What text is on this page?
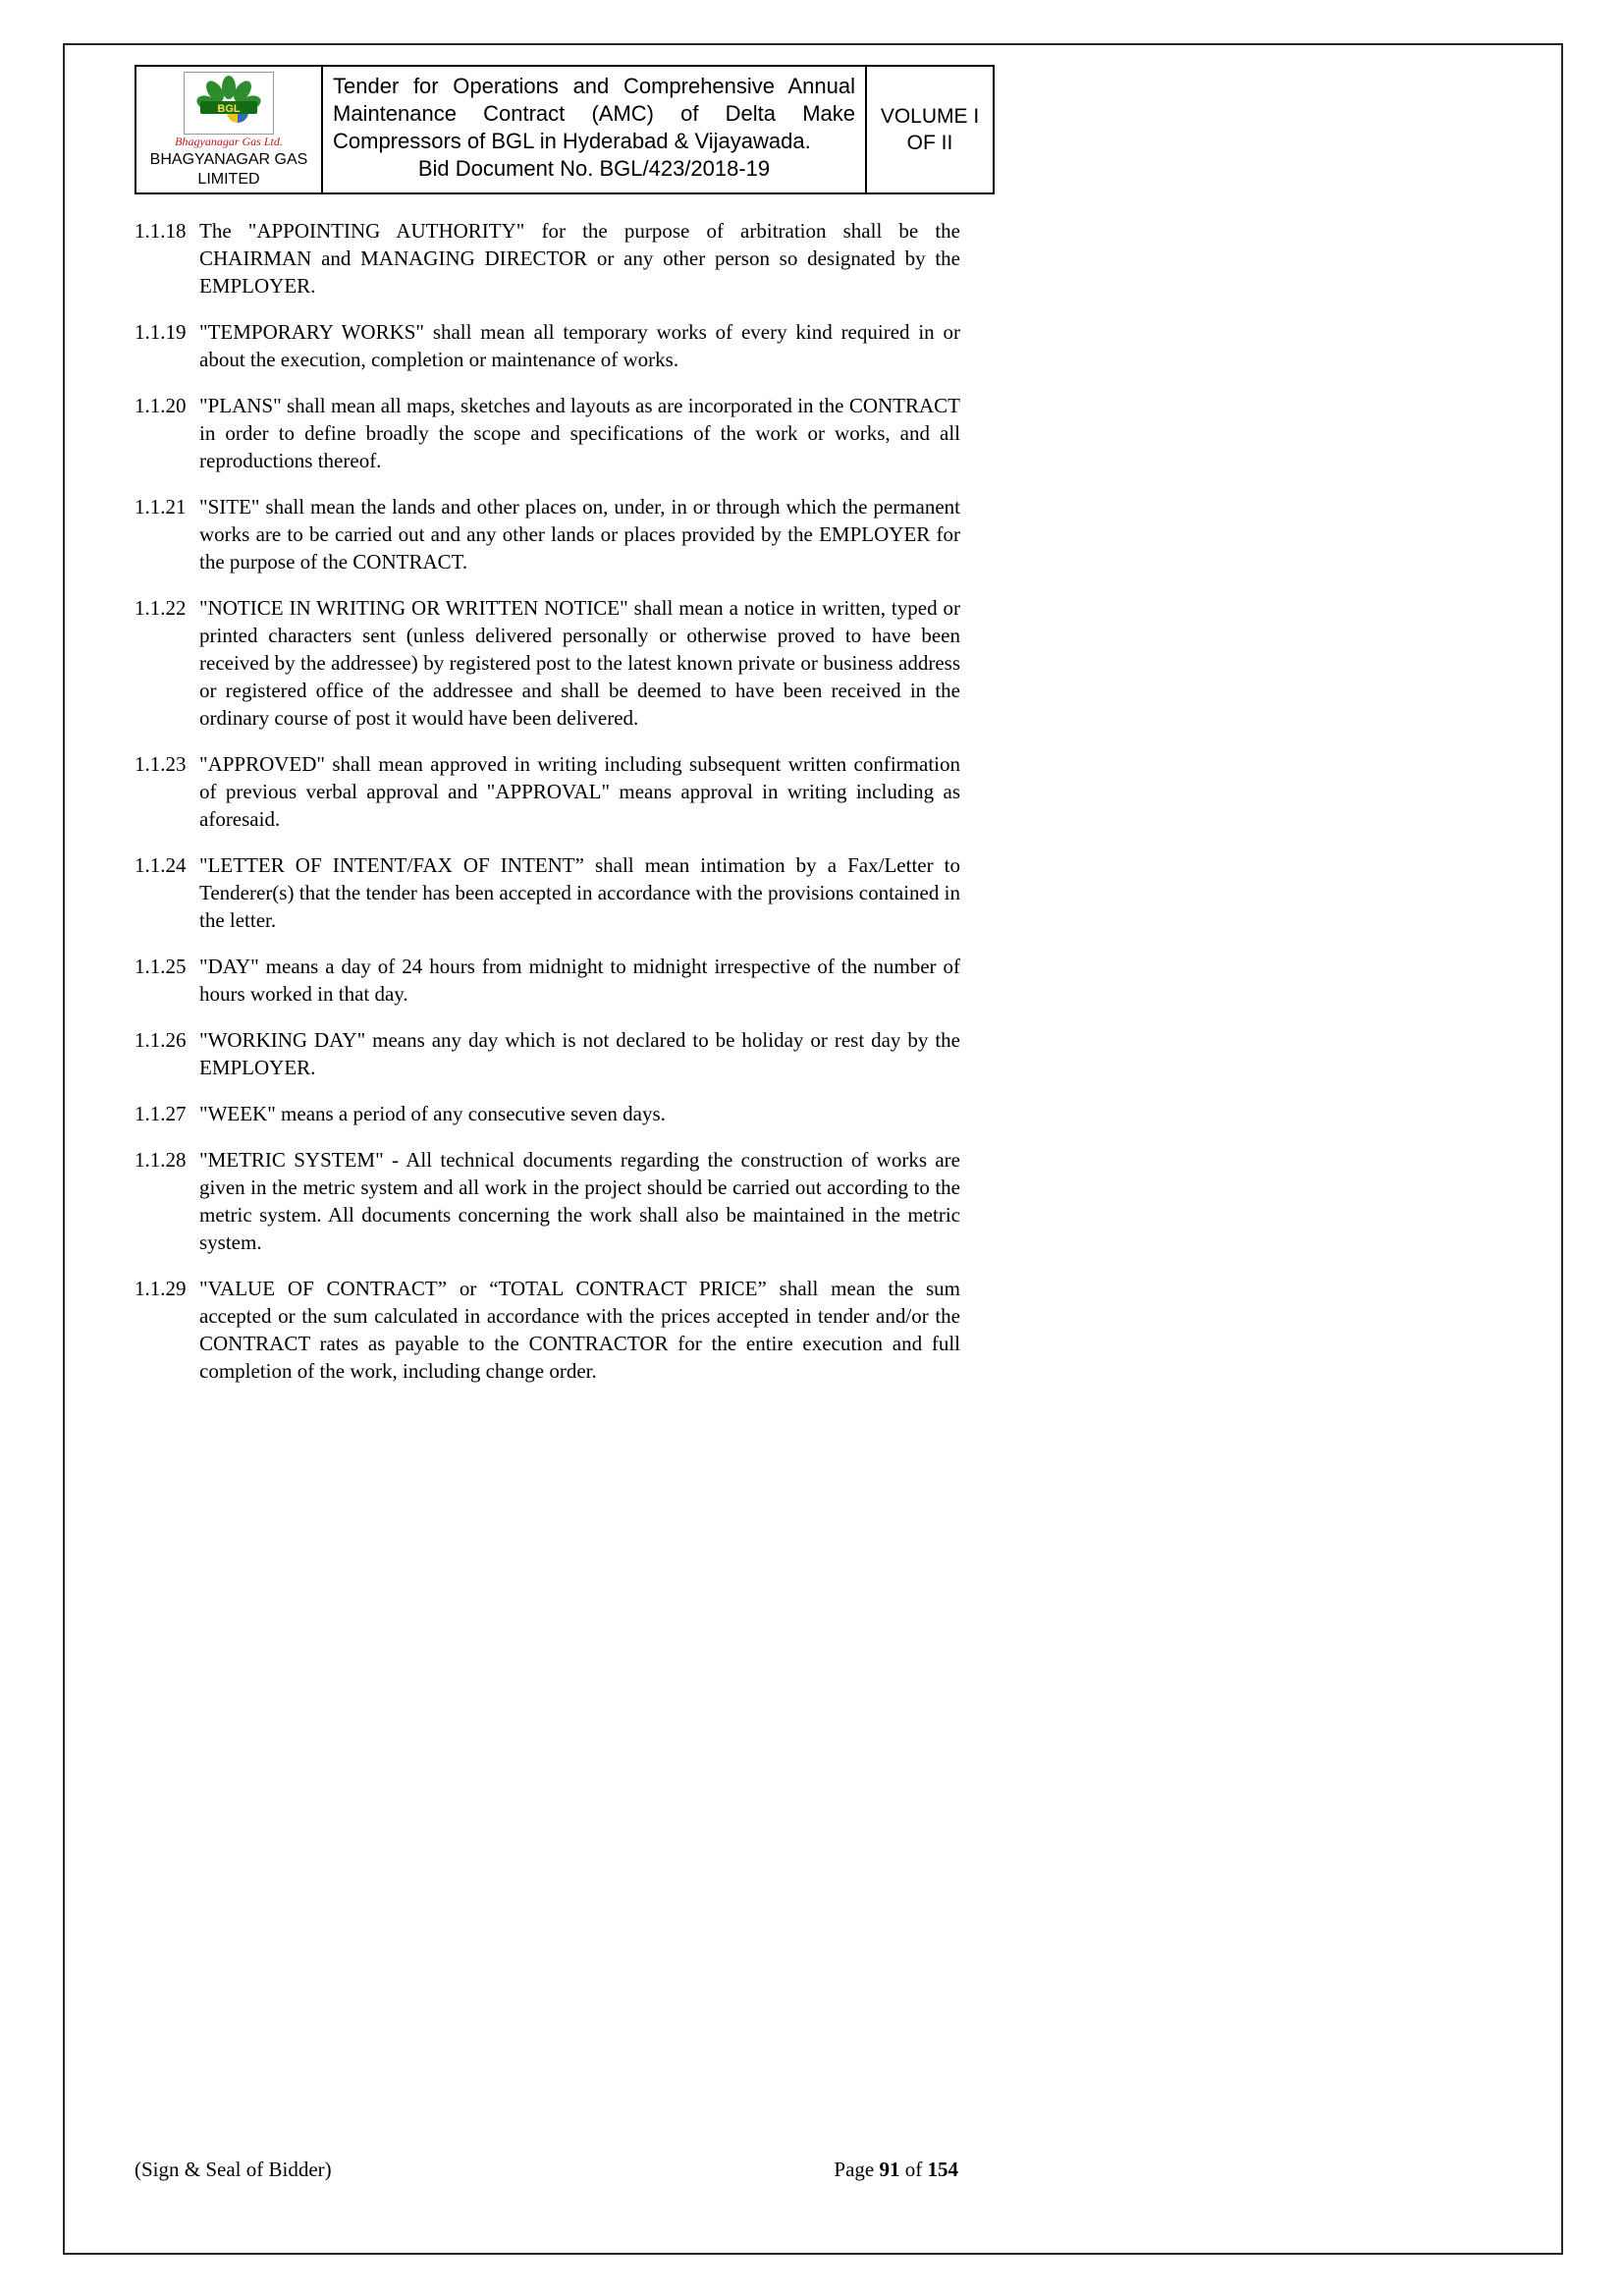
BGL
Bhagyanagar Gas Ltd.
BHAGYANAGAR GAS
LIMITED
Tender for Operations and Comprehensive Annual
Maintenance Contract (AMC) of Delta Make
Compressors of BGL in Hyderabad & Vijayawada.
Bid Document No. BGL/423/2018-19
VOLUME I
OF II
1.1.18 The "APPOINTING AUTHORITY" for the purpose of arbitration shall be the CHAIRMAN and MANAGING DIRECTOR or any other person so designated by the EMPLOYER.
1.1.19 "TEMPORARY WORKS" shall mean all temporary works of every kind required in or about the execution, completion or maintenance of works.
1.1.20 "PLANS" shall mean all maps, sketches and layouts as are incorporated in the CONTRACT in order to define broadly the scope and specifications of the work or works, and all reproductions thereof.
1.1.21 "SITE" shall mean the lands and other places on, under, in or through which the permanent works are to be carried out and any other lands or places provided by the EMPLOYER for the purpose of the CONTRACT.
1.1.22 "NOTICE IN WRITING OR WRITTEN NOTICE" shall mean a notice in written, typed or printed characters sent (unless delivered personally or otherwise proved to have been received by the addressee) by registered post to the latest known private or business address or registered office of the addressee and shall be deemed to have been received in the ordinary course of post it would have been delivered.
1.1.23 "APPROVED" shall mean approved in writing including subsequent written confirmation of previous verbal approval and "APPROVAL" means approval in writing including as aforesaid.
1.1.24 "LETTER OF INTENT/FAX OF INTENT” shall mean intimation by a Fax/Letter to Tenderer(s) that the tender has been accepted in accordance with the provisions contained in the letter.
1.1.25 "DAY" means a day of 24 hours from midnight to midnight irrespective of the number of hours worked in that day.
1.1.26 "WORKING DAY" means any day which is not declared to be holiday or rest day by the EMPLOYER.
1.1.27 "WEEK" means a period of any consecutive seven days.
1.1.28 "METRIC SYSTEM" - All technical documents regarding the construction of works are given in the metric system and all work in the project should be carried out according to the metric system. All documents concerning the work shall also be maintained in the metric system.
1.1.29 "VALUE OF CONTRACT” or “TOTAL CONTRACT PRICE” shall mean the sum accepted or the sum calculated in accordance with the prices accepted in tender and/or the CONTRACT rates as payable to the CONTRACTOR for the entire execution and full completion of the work, including change order.
(Sign & Seal of Bidder)	Page 91 of 154
